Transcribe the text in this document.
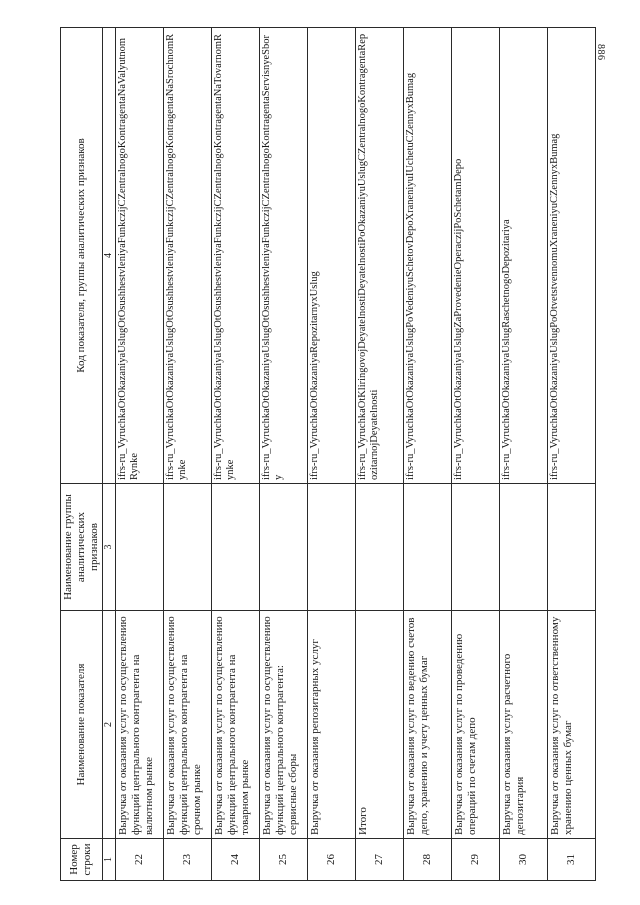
886
Номер строки	Наименование показателя	Наименование группы аналитических признаков	Код показателя, группы аналитических признаков
1	2	3	4
22	Выручка от оказания услуг по осуществлению функций центрального контрагента на валютном рынке		ifrs-ru_VyruchkaOtOkazaniyaUslugOtOsushhestvleniyaFunkczijCZentralnogoKontragentaNaValyutnomRynke
23	Выручка от оказания услуг по осуществлению функций центрального контрагента на срочном рынке		ifrs-ru_VyruchkaOtOkazaniyaUslugOtOsushhestvleniyaFunkczijCZentralnogoKontragentaNaSrochnomRynke
24	Выручка от оказания услуг по осуществлению функций центрального контрагента на товарном рынке		ifrs-ru_VyruchkaOtOkazaniyaUslugOtOsushhestvleniyaFunkczijCZentralnogoKontragentaNaTovarnomRynke
25	Выручка от оказания услуг по осуществлению функций центрального контрагента: сервисные сборы		ifrs-ru_VyruchkaOtOkazaniyaUslugOtOsushhestvleniyaFunkczijCZentralnogoKontragentaServisnyeSbory
26	Выручка от оказания репозитарных услуг		ifrs-ru_VyruchkaOtOkazaniyaRepozitarnyxUslug
27	Итого		ifrs-ru_VyruchkaOtKliringovojDeyatelnostiDeyatelnostiPoOkazaniyuUslugCZentralnogoKontragentaRepozitarnojDeyatelnosti
28	Выручка от оказания услуг по ведению счетов депо, хранению и учету ценных бумаг		ifrs-ru_VyruchkaOtOkazaniyaUslugPoVedeniyuSchetovDepoXraneniyuIUchetuCZennyxBumag
29	Выручка от оказания услуг по проведению операций по счетам депо		ifrs-ru_VyruchkaOtOkazaniyaUslugZaProvedenieOperaczijPoSchetamDepo
30	Выручка от оказания услуг расчетного депозитария		ifrs-ru_VyruchkaOtOkazaniyaUslugRaschetnogoDepozitariya
31	Выручка от оказания услуг по ответственному хранению ценных бумаг		ifrs-ru_VyruchkaOtOkazaniyaUslugPoOtvetstvennomuXraneniyuCZennyxBumag
